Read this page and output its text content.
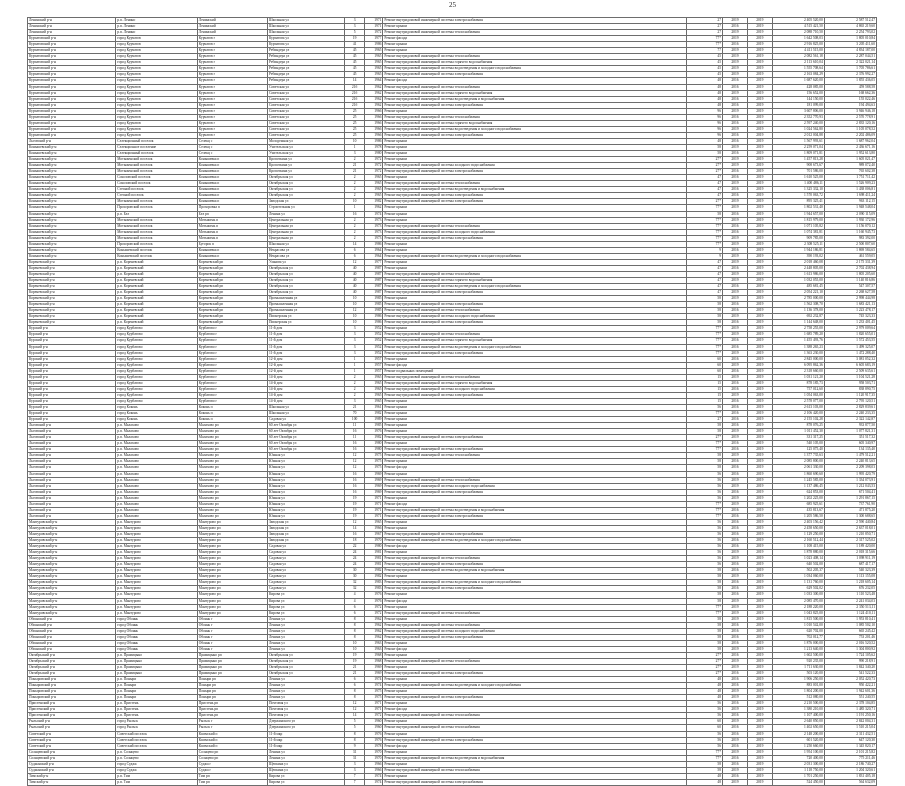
25
Ленинский р-н	р.п. Ленино	Ленинский	Школьная ул	3	1971	Ремонт внутридомовой инженерной системы электроснабжения	27	2019	2019	2 405 520,00	2 587 512,47
Ленинский р-н	р.п. Ленино	Ленинский	Школьная ул	3	1971	Ремонт крыши	27	2016	2019	4 515 421,50	4 865 219,60
Ленинский р-н	р.п. Ленино	Ленинский	Школьная ул	5	1972	Ремонт внутридомовой инженерной системы теплоснабжения	27	2019	2019	2 088 710,50	2 254 793,02
Курчатовский р-н	город Курчатов	Курчатов г	Курчатова ул	19	1977	Ремонт фасада	77*	2019	2019	1 642 508,03	1 805 010,84
Курчатовский р-н	город Курчатов	Курчатов г	Курчатова ул	41	1986	Ремонт крыши	77*	2016	2019	2 916 825,00	3 205 411,60
Курчатовский р-н	город Курчатов	Курчатов г	Ребиндера ул	45	1965	Ремонт крыши	77	2019	2019	4 411 515,00	4 834 187,00
Курчатовский р-н	город Курчатов	Курчатов г	Ребиндера ул	45	1965	Ремонт внутридомовой инженерной системы теплоснабжения	45	2019	2019	2 082 561,18	2 287 044,51
Курчатовский р-н	город Курчатов	Курчатов г	Ребиндера ул	45	1965	Ремонт внутридомовой инженерной системы горячего водоснабжения	45	2019	2019	2 113 610,04	2 322 021,14
Курчатовский р-н	город Курчатов	Курчатов г	Ребиндера ул	45	1965	Ремонт внутридомовой инженерной системы водоотведения и холодного водоснабжения	45	2019	2019	1 555 708,64	1 705 786,61
Курчатовский р-н	город Курчатов	Курчатов г	Ребиндера ул	45	1965	Ремонт внутридомовой инженерной системы электроснабжения	45	2019	2019	2 163 084,29	2 376 992,27
Курчатовский р-н	город Курчатов	Курчатов г	Ребиндера ул	14	1964	Ремонт фасада	48	2016	2019	1 687 620,00	1 855 436,05
Курчатовский р-н	город Курчатов	Курчатов г	Советская ул	21б	1962	Ремонт внутридомовой инженерной системы теплоснабжения	48	2016	2019	428 085,00	459 588,58
Курчатовский р-н	город Курчатов	Курчатов г	Советская ул	21б	1962	Ремонт внутридомовой инженерной системы горячего водоснабжения	48	2019	2019	156 652,00	168 662,36
Курчатовский р-н	город Курчатов	Курчатов г	Советская ул	21б	1962	Ремонт внутридомовой инженерной системы водоотведения и водоснабжения	48	2016	2019	144 150,00	155 022,46
Курчатовский р-н	город Курчатов	Курчатов г	Советская ул	21б	1962	Ремонт внутридомовой инженерной системы электроснабжения	48	2016	2019	181 099,00	194 494,63
Курчатовский р-н	город Курчатов	Курчатов г	Советская ул	25	1966	Ремонт крыши	96	2019	2019	3 607 806,00	3 946 946,18
Курчатовский р-н	город Курчатов	Курчатов г	Советская ул	25	1966	Ремонт внутридомовой инженерной системы теплоснабжения	96	2016	2019	2 352 770,93	2 570 778,91
Курчатовский р-н	город Курчатов	Курчатов г	Советская ул	25	1966	Ремонт внутридомовой инженерной системы горячего водоснабжения	96	2016	2019	2 597 240,00	2 835 120,16
Курчатовский р-н	город Курчатов	Курчатов г	Советская ул	25	1966	Ремонт внутридомовой инженерной системы водоотведения и холодного водоснабжения	96	2019	2019	1 024 562,80	1 105 078,52
Курчатовский р-н	город Курчатов	Курчатов г	Советская ул	25	1966	Ремонт внутридомовой инженерной системы электроснабжения	96	2016	2019	2 012 004,88	2 202 486,09
Льговский р-н	Селекционный поселок	Селекц с	Молодежная ул	10	1986	Ремонт крыши	48	2016	2019	1 567 993,61	1 687 962,04
Конышевский р-н	Селекционное поселение	Селекц с	Учительская ул	1	1978	Ремонт крыши	58	2019	2019	2 259 071,04	2 436 671,16
Конышевский р-н	Селекционный поселок	Селекц с	Учительская ул	3	1980	Ремонт крыши	58	2016	2019	1 809 071,81	1 952 613,80
Конышевский р-н	Мотыженский поселок	Конышевка п	Кропоткина ул	2	1972	Ремонт крыши	27*	2019	2019	1 457 813,28	1 605 021,47
Конышевский р-н	Мотыженский поселок	Конышевка п	Кропоткина ул	21	1972	Ремонт внутридомовой инженерной системы холодного водоснабжения	27*	2019	2019	908 673,67	989 072,40
Конышевский р-н	Мотыженский поселок	Конышевка п	Кропоткина ул	21	1972	Ремонт внутридомовой инженерной системы электроснабжения	27*	2016	2019	701 586,00	765 602,38
Конышевский р-н	Соколовский поселок	Конышевка п	Октябрьская ул	2	1965	Ремонт крыши	47	2016	2019	1 610 525,00	1 751 711,42
Конышевский р-н	Соколовский поселок	Конышевка п	Октябрьская ул	2	1965	Ремонт внутридомовой инженерной системы теплоснабжения	47	2019	2019	1 400 486,11	1 526 909,23
Конышевский р-н	Степной поселок	Конышевка п	Октябрьская ул	2	1965	Ремонт внутридомовой инженерной системы водоотведения и водоснабжения	47	2016	2019	1 325 332,10	1 438 006,81
Конышевский р-н	Степной поселок	Конышевка п	Октябрьская ул	2	1965	Ремонт внутридомовой инженерной системы электроснабжения	47	2016	2019	1 570 063,72	1 698 411,24
Конышевский р-н	Мотыженский поселок	Конышевка п	Заводская ул	10	1982	Ремонт внутридомовой инженерной системы электроснабжения	27*	2019	2019	895 325,41	963 112,15
Конышевский р-н	Прохоровский поселок	Прохоровка п	Строительная ул	1	1962	Ремонт крыши	77*	2019	2019	1 802 531,40	1 948 548,04
Конышевский р-н	р.п. Бел	Бел рп	Ленина ул	16	1974	Ремонт крыши	58	2016	2019	1 944 657,00	2 090 115,09
Конышевский р-н	Мотыженский поселок	Мотыжень п	Центральная ул	2	1973	Ремонт крыши	77*	2019	2019	1 815 979,00	1 930 172,96
Конышевский р-н	Мотыженский поселок	Мотыжень п	Центральная ул	2	1973	Ремонт внутридомовой инженерной системы теплоснабжения	77*	2016	2019	1 071 105,82	1 156 070,12
Конышевский р-н	Мотыженский поселок	Мотыжень п	Центральная ул	2	1973	Ремонт внутридомовой инженерной системы холодного водоснабжения	77*	2016	2019	1 074 381,81	1 160 945,73
Конышевский р-н	Мотыженский поселок	Мотыжень п	Центральная ул	2	1973	Ремонт внутридомовой инженерной системы электроснабжения	77*	2019	2019	909 785,00	983 392,00
Конышевский р-н	Прохоровский поселок	Бугорок п	Школьная ул	14	1986	Ремонт крыши	77*	2019	2019	2 308 525,11	2 500 807,60
Конышевский р-н	Конышевский поселок	Конышевка п	Некрасова ул	6	1964	Ремонт крыши	9	2016	2019	1 944 186,81	1 869 584,65
Конышевский р-н	Конышевский поселок	Конышевка п	Некрасова ул	6	1964	Ремонт внутридомовой инженерной системы водоотведения и холодного водоснабжения	9	2019	2019	390 193,02	461 559,05
Кореневский р-н	р.п. Кореневский	Кореневский рп	Уланова ул	12	1977	Ремонт крыши	47	2019	2019	2 018 460,08	2 175 331,39
Кореневский р-н	р.п. Кореневский	Кореневский рп	Октябрьская ул	40	1987	Ремонт крыши	47	2016	2019	2 448 805,00	2 702 438,94
Кореневский р-н	р.п. Кореневский	Кореневский рп	Октябрьская ул	40	1987	Ремонт внутридомовой инженерной системы теплоснабжения	47	2019	2019	1 613 986,00	1 805 205,60
Кореневский р-н	р.п. Кореневский	Кореневский рп	Октябрьская ул	40	1987	Ремонт внутридомовой инженерной системы горячего водоснабжения	47	2019	2019	1 032 055,00	1 140 816,86
Кореневский р-н	р.п. Кореневский	Кореневский рп	Октябрьская ул	40	1987	Ремонт внутридомовой инженерной системы водоотведения и холодного водоснабжения	47	2016	2019	485 681,45	547 307,57
Кореневский р-н	р.п. Кореневский	Кореневский рп	Октябрьская ул	40	1987	Ремонт внутридомовой инженерной системы электроснабжения	47	2019	2019	2 054 221,10	2 268 627,58
Кореневский р-н	р.п. Кореневский	Кореневский рп	Промышленная ул	10	1985	Ремонт крыши	58	2019	2019	2 785 000,00	2 998 444,98
Кореневский р-н	р.п. Кореневский	Кореневский рп	Промышленная ул	10	1985	Ремонт внутридомовой инженерной системы электроснабжения	58	2016	2019	1 562 308,70	1 683 421,13
Кореневский р-н	р.п. Кореневский	Кореневский рп	Промышленная ул	12	1985	Ремонт внутридомовой инженерной системы теплоснабжения	58	2016	2019	1 136 378,00	1 223 478,17
Кореневский р-н	р.п. Кореневский	Кореневский рп	Пионерская ул	10	1986	Ремонт внутридомовой инженерной системы холодного водоснабжения	58	2019	2019	692 232,87	745 323,33
Кореневский р-н	р.п. Кореневский	Кореневский рп	Пионерская ул	10	1986	Ремонт внутридомовой инженерной системы электроснабжения	58	2016	2019	1 144 648,00	1 233 401,45
Курский р-н	город Курбатово	Курбатово г	11-й дом	3	1952	Ремонт крыши	77*	2019	2019	2 758 255,00	2 979 009,64
Курский р-н	город Курбатово	Курбатово г	11-й дом	3	1952	Ремонт внутридомовой инженерной системы теплоснабжения	77*	2019	2019	1 685 789,20	1 820 655,01
Курский р-н	город Курбатово	Курбатово г	11-й дом	3	1952	Ремонт внутридомовой инженерной системы горячего водоснабжения	77*	2016	2019	1 455 493,76	1 572 453,55
Курский р-н	город Курбатово	Курбатово г	11-й дом	3	1952	Ремонт внутридомовой инженерной системы водоотведения и холодного водоснабжения	77*	2016	2019	1 388 265,23	1 499 325,07
Курский р-н	город Курбатово	Курбатово г	11-й дом	3	1952	Ремонт внутридомовой инженерной системы электроснабжения	77*	2019	2019	1 363 230,00	1 472 288,40
Курский р-н	город Курбатово	Курбатово г	12-й дом	1	1957	Ремонт крыши	60	2016	2019	2 845 000,00	3 081 052,32
Курский р-н	город Курбатово	Курбатово г	12-й дом	1	1957	Ремонт фасада	60	2019	2019	6 095 862,36	6 605 683,19
Курский р-н	город Курбатово	Курбатово г	12-й дом	1	1957	Ремонт подвальных помещений	60	2016	2019	2 318 660,00	2 509 635,61
Курский р-н	город Курбатово	Курбатово г	14-й дом	2	1965	Ремонт внутридомовой инженерной системы теплоснабжения	15	2019	2019	1 031 121,20	1 104 521,28
Курский р-н	город Курбатово	Курбатово г	14-й дом	2	1965	Ремонт внутридомовой инженерной системы горячего водоснабжения	15	2016	2019	878 185,73	958 503,71
Курский р-н	город Курбатово	Курбатово г	14-й дом	2	1965	Ремонт внутридомовой инженерной системы холодного водоснабжения	15	2016	2019	757 012,60	838 890,75
Курский р-н	город Курбатово	Курбатово г	14-й дом	2	1965	Ремонт внутридомовой инженерной системы электроснабжения	15	2019	2019	1 054 063,00	1 120 917,35
Курский р-н	город Курбатово	Курбатово г	14-й дом	3	1965	Ремонт крыши	15	2016	2019	2 578 077,00	2 795 120,51
Курский р-н	город Коконь	Коконь п	Школьная ул	21	1961	Ремонт крыши	56	2016	2019	2 613 103,00	2 829 839,61
Курский р-н	город Коконь	Коконь п	Школьная ул	70	1982	Ремонт крыши	77*	2016	2019	2 106 420,00	2 240 233,35
Курский р-н	город Коконь	Коконь п	Садовая ул	100	1989	Ремонт крыши	27	2016	2019	2 155 102,28	2 322 142,87
Льговский р-н	р.п. Малахово	Малахово рп	60 лет Октября ул	11	1985	Ремонт крыши	58	2016	2019	878 076,25	933 877,50
Льговский р-н	р.п. Малахово	Малахово рп	60 лет Октября ул	16	1976	Ремонт крыши	58	2019	2019	1 011 452,30	1 077 821,31
Льговский р-н	р.п. Малахово	Малахово рп	60 лет Октября ул	11	1982	Ремонт внутридомовой инженерной системы электроснабжения	27*	2019	2019	331 317,25	351 517,32
Льговский р-н	р.п. Малахово	Малахово рп	60 лет Октября ул	16	1980	Ремонт крыши	77*	2016	2019	540 105,00	605 340,97
Льговский р-н	р.п. Малахово	Малахово рп	60 лет Октября ул	16	1980	Ремонт внутридомовой инженерной системы электроснабжения	77*	2016	2019	125 075,40	134 135,40
Льговский р-н	р.п. Малахово	Малахово рп	Южная ул	12	1975	Ремонт внутридомовой инженерной системы теплоснабжения	58	2019	2019	1 377 735,63	1 479 512,21
Льговский р-н	р.п. Малахово	Малахово рп	Южная ул	12	1975	Ремонт крыши	58	2016	2019	2 085 800,00	2 240 813,65
Льговский р-н	р.п. Малахово	Малахово рп	Южная ул	12	1975	Ремонт фасада	58	2016	2019	2 061 330,00	2 209 398,03
Льговский р-н	р.п. Малахово	Малахово рп	Южная ул	16	1969	Ремонт крыши	56	2016	2019	1 860 690,60	1 995 420,79
Льговский р-н	р.п. Малахово	Малахово рп	Южная ул	16	1969	Ремонт внутридомовой инженерной системы теплоснабжения	56	2019	2019	1 245 585,00	1 334 073,91
Льговский р-н	р.п. Малахово	Малахово рп	Южная ул	16	1969	Ремонт внутридомовой инженерной системы холодного водоснабжения	56	2019	2019	1 137 486,45	1 212 043,53
Льговский р-н	р.п. Малахово	Малахово рп	Южная ул	16	1969	Ремонт внутридомовой инженерной системы электроснабжения	56	2016	2019	624 853,00	671 504,41
Льговский р-н	р.п. Малахово	Малахово рп	Южная ул	19	1971	Ремонт крыши	56	2019	2019	1 202 225,00	1 291 867,15
Льговский р-н	р.п. Малахово	Малахово рп	Южная ул	19	1971	Ремонт фасада	77*	2019	2019	685 925,61	737 761,90
Льговский р-н	р.п. Малахово	Малахово рп	Южная ул	19	1971	Ремонт внутридомовой инженерной системы водоотведения и водоснабжения	77*	2016	2019	435 813,67	471 875,20
Льговский р-н	р.п. Малахово	Малахово рп	Южная ул	19	1971	Ремонт внутридомовой инженерной системы электроснабжения	77*	2016	2019	1 205 586,50	1 300 688,65
Мантуровский р-н	р.п. Мантурово	Мантурово рп	Заводская ул	12	1965	Ремонт крыши	56	2016	2019	2 403 156,42	2 590 440,84
Мантуровский р-н	р.п. Мантурово	Мантурово рп	Заводская ул	14	1966	Ремонт крыши	56	2016	2019	2 458 650,00	2 637 018,01
Мантуровский р-н	р.п. Мантурово	Мантурово рп	Заводская ул	16	1967	Ремонт внутридомовой инженерной системы электроснабжения	56	2016	2019	1 129 250,00	1 210 850,71
Мантуровский р-н	р.п. Мантурово	Мантурово рп	Заводская ул	18	1970	Ремонт внутридомовой инженерной системы водоотведения и холодного водоснабжения	56	2016	2019	2 160 512,44	2 317 525,02
Мантуровский р-н	р.п. Мантурово	Мантурово рп	Садовая ул	22	1980	Ремонт фасада	56	2016	2019	1 108 415,00	1 189 420,00
Мантуровский р-н	р.п. Мантурово	Мантурово рп	Садовая ул	24	1981	Ремонт крыши	56	2019	2019	1 878 880,00	2 018 315,66
Мантуровский р-н	р.п. Мантурово	Мантурово рп	Садовая ул	24	1981	Ремонт внутридомовой инженерной системы теплоснабжения	56	2019	2019	1 023 408,14	1 098 911,19
Мантуровский р-н	р.п. Мантурово	Мантурово рп	Садовая ул	24	1981	Ремонт внутридомовой инженерной системы электроснабжения	56	2016	2019	640 502,00	687 417,17
Мантуровский р-н	р.п. Мантурово	Мантурово рп	Садовая ул	30	1982	Ремонт внутридомовой инженерной системы водоотведения и водоснабжения	58	2016	2019	502 205,37	540 323,39
Мантуровский р-н	р.п. Мантурово	Мантурово рп	Садовая ул	30	1982	Ремонт крыши	58	2019	2019	1 034 060,00	1 113 155,08
Мантуровский р-н	р.п. Мантурово	Мантурово рп	Садовая ул	32	1983	Ремонт внутридомовой инженерной системы водоотведения и холодного водоснабжения	58	2016	2019	1 131 760,00	1 218 605,14
Мантуровский р-н	р.п. Мантурово	Мантурово рп	Садовая ул	32	1983	Ремонт внутридомовой инженерной системы электроснабжения	58	2016	2019	629 502,02	676 232,05
Мантуровский р-н	р.п. Мантурово	Мантурово рп	Кирова ул	4	1976	Ремонт крыши	58	2016	2019	1 033 300,00	1 110 523,48
Мантуровский р-н	р.п. Мантурово	Мантурово рп	Кирова ул	4	1976	Ремонт фасада	58	2019	2019	2 085 470,00	2 241 034,03
Мантуровский р-н	р.п. Мантурово	Мантурово рп	Кирова ул	6	1972	Ремонт крыши	77*	2019	2019	2 188 220,00	2 350 513,11
Мантуровский р-н	р.п. Мантурово	Мантурово рп	Кирова ул	6	1972	Ремонт внутридомовой инженерной системы теплоснабжения	77*	2019	2019	1 043 825,00	1 124 410,11
Обоянский р-н	город Обоянь	Обоянь г	Ленина ул	8	1962	Ремонт крыши	58	2019	2019	1 815 500,00	1 953 810,41
Обоянский р-н	город Обоянь	Обоянь г	Ленина ул	8	1962	Ремонт внутридомовой инженерной системы теплоснабжения	58	2016	2019	1 010 542,00	1 085 502,10
Обоянский р-н	город Обоянь	Обоянь г	Ленина ул	8	1962	Ремонт внутридомовой инженерной системы холодного водоснабжения	58	2016	2019	620 702,00	665 245,42
Обоянский р-н	город Обоянь	Обоянь г	Ленина ул	8	1962	Ремонт внутридомовой инженерной системы электроснабжения	58	2016	2019	702 012,77	753 201,46
Обоянский р-н	город Обоянь	Обоянь г	Ленина ул	10	1963	Ремонт крыши	58	2016	2019	1 876 000,00	2 016 520,52
Обоянский р-н	город Обоянь	Обоянь г	Ленина ул	10	1963	Ремонт фасада	58	2019	2019	1 213 640,00	1 304 800,92
Октябрьский р-н	р.п. Прямицыно	Прямицыно рп	Октябрьская ул	19	1968	Ремонт крыши	27*	2016	2019	1 602 500,00	1 724 105,62
Октябрьский р-н	р.п. Прямицыно	Прямицыно рп	Октябрьская ул	19	1968	Ремонт внутридомовой инженерной системы теплоснабжения	27*	2019	2019	920 235,00	990 218,91
Октябрьский р-н	р.п. Прямицыно	Прямицыно рп	Октябрьская ул	21	1969	Ремонт крыши	27*	2019	2019	1 711 630,00	1 842 340,20
Октябрьский р-н	р.п. Прямицыно	Прямицыно рп	Октябрьская ул	21	1969	Ремонт внутридомовой инженерной системы электроснабжения	27*	2016	2019	503 120,00	541 522,33
Поныровский р-н	р.п. Поныри	Поныри рп	Ленина ул	6	1974	Ремонт крыши	48	2016	2019	1 906 250,00	2 052 420,73
Поныровский р-н	р.п. Поныри	Поныри рп	Ленина ул	6	1974	Ремонт внутридомовой инженерной системы водоотведения и холодного водоснабжения	48	2016	2019	883 001,00	950 422,21
Поныровский р-н	р.п. Поныри	Поныри рп	Ленина ул	8	1975	Ремонт крыши	48	2019	2019	1 804 200,00	1 942 601,36
Поныровский р-н	р.п. Поныри	Поныри рп	Ленина ул	8	1975	Ремонт внутридомовой инженерной системы электроснабжения	48	2019	2019	512 080,00	551 240,55
Пристенский р-н	р.п. Пристень	Пристень рп	Почтовая ул	12	1971	Ремонт крыши	56	2016	2019	2 210 500,00	2 378 104,85
Пристенский р-н	р.п. Пристень	Пристень рп	Почтовая ул	12	1971	Ремонт фасада	56	2019	2019	1 380 210,00	1 485 320,71
Пристенский р-н	р.п. Пристень	Пристень рп	Почтовая ул	14	1972	Ремонт внутридомовой инженерной системы теплоснабжения	56	2016	2019	1 107 400,00	1 191 250,16
Рыльский р-н	город Рыльск	Рыльск г	Дзержинского ул	5	1960	Ремонт крыши	60	2019	2019	2 640 850,00	2 842 004,31
Рыльский р-н	город Рыльск	Рыльск г	Дзержинского ул	5	1960	Ремонт внутридомовой инженерной системы теплоснабжения	60	2016	2019	1 402 650,00	1 510 215,04
Советский р-н	Советский поселок	Кшенский п	11-й мкр	8	1976	Ремонт крыши	56	2016	2019	2 148 200,00	2 311 432,51
Советский р-н	Советский поселок	Кшенский п	11-й мкр	8	1976	Ремонт внутридомовой инженерной системы электроснабжения	56	2019	2019	601 520,00	647 120,30
Советский р-н	Советский поселок	Кшенский п	11-й мкр	9	1978	Ремонт фасада	56	2016	2019	1 250 660,00	1 345 820,17
Солнцевский р-н	р.п. Солнцево	Солнцево рп	Ленина ул	31	1970	Ремонт крыши	77*	2019	2019	1 954 100,00	2 101 215,82
Солнцевский р-н	р.п. Солнцево	Солнцево рп	Ленина ул	31	1970	Ремонт внутридомовой инженерной системы водоотведения и водоснабжения	77*	2016	2019	720 400,00	775 211,46
Суджанский р-н	город Суджа	Суджа г	Щепкина ул	3	1966	Ремонт крыши	58	2016	2019	2 031 300,00	2 186 740,27
Суджанский р-н	город Суджа	Суджа г	Щепкина ул	3	1966	Ремонт внутридомовой инженерной системы теплоснабжения	58	2019	2019	1 118 750,00	1 204 320,61
Тимский р-н	р.п. Тим	Тим рп	Кирова ул	7	1974	Ремонт крыши	48	2016	2019	1 701 250,00	1 831 405,18
Тимский р-н	р.п. Тим	Тим рп	Кирова ул	7	1974	Ремонт внутридомовой инженерной системы электроснабжения	48	2019	2019	524 450,00	564 632,09
